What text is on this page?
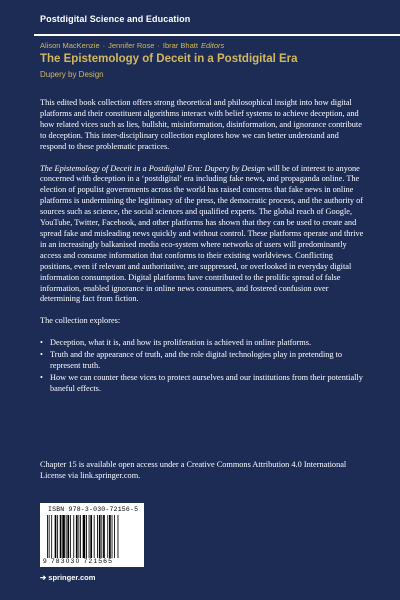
Postdigital Science and Education
Alison MacKenzie · Jennifer Rose · Ibrar Bhatt Editors
The Epistemology of Deceit in a Postdigital Era
Dupery by Design

This edited book collection offers strong theoretical and philosophical insight into how digital platforms and their constituent algorithms interact with belief systems to achieve deception, and how related vices such as lies, bullshit, misinformation, disinformation, and ignorance contribute to deception. This inter-disciplinary collection explores how we can better understand and respond to these problematic practices.

The Epistemology of Deceit in a Postdigital Era: Dupery by Design will be of interest to anyone concerned with deception in a ‘postdigital’ era including fake news, and propaganda online. The election of populist governments across the world has raised concerns that fake news in online platforms is undermining the legitimacy of the press, the democratic process, and the authority of sources such as science, the social sciences and qualified experts. The global reach of Google, YouTube, Twitter, Facebook, and other platforms has shown that they can be used to create and spread fake and misleading news quickly and without control. These platforms operate and thrive in an increasingly balkanised media eco-system where networks of users will predominantly access and consume information that conforms to their existing worldviews. Conflicting positions, even if relevant and authoritative, are suppressed, or overlooked in everyday digital information consumption. Digital platforms have contributed to the prolific spread of false information, enabled ignorance in online news consumers, and fostered confusion over determining fact from fiction.

The collection explores:

• Deception, what it is, and how its proliferation is achieved in online platforms.
• Truth and the appearance of truth, and the role digital technologies play in pretending to represent truth.
• How we can counter these vices to protect ourselves and our institutions from their potentially baneful effects.
Chapter 15 is available open access under a Creative Commons Attribution 4.0 International License via link.springer.com.
ISBN 978-3-030-72156-5
9 783030 721565
➔ springer.com
